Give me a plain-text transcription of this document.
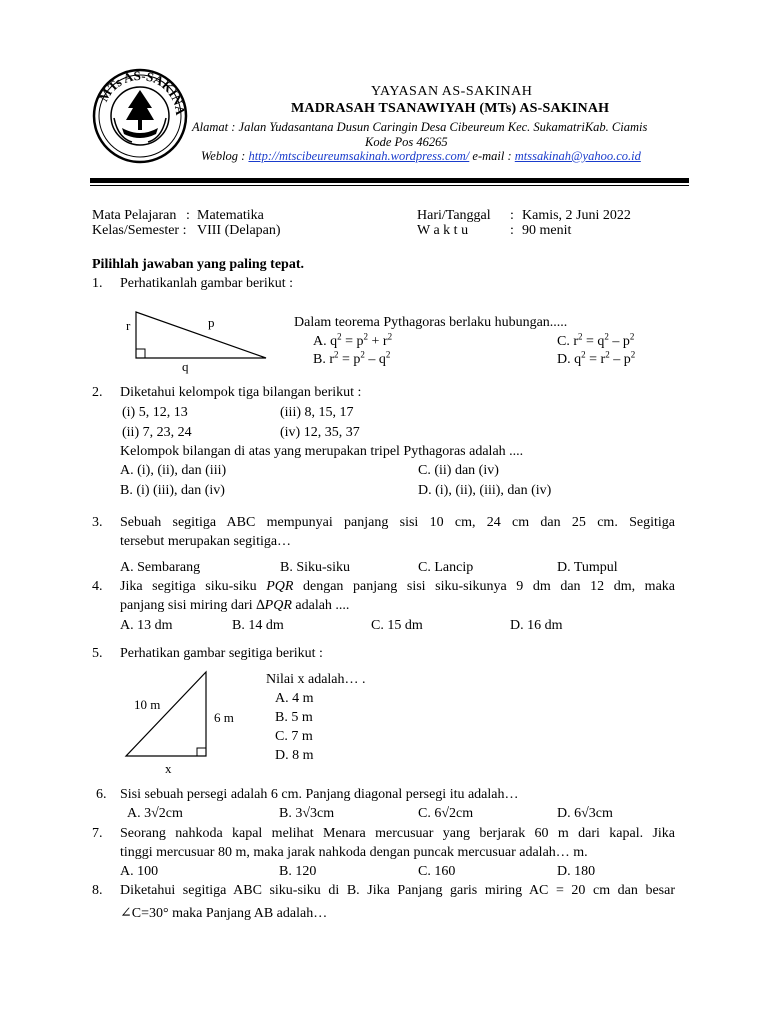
MTs AS-SAKINA
YAYASAN AS-SAKINAH
MADRASAH TSANAWIYAH (MTs) AS-SAKINAH
Alamat : Jalan Yudasantana Dusun Caringin Desa Cibeureum Kec. SukamatriKab. Ciamis
Kode Pos 46265
Weblog : http://mtscibeureumsakinah.wordpress.com/ e-mail : mtssakinah@yahoo.co.id
Mata Pelajaran : Matematika
Kelas/Semester : VIII (Delapan)
Hari/Tanggal : Kamis, 2 Juni 2022
W a k t u	: 90 menit
Pilihlah jawaban yang paling tepat.
1. Perhatikanlah gambar berikut :
r	p
q
Dalam teorema Pythagoras berlaku hubungan.....
A. $q^2 = p^2 + r^2$
B. $r^2 = p^2 - q^2$
C. $r^2 = q^2 - p^2$
D. $q^2 = r^2 - p^2$
2. Diketahui kelompok tiga bilangan berikut :
(i) 5, 12, 13	(iii) 8, 15, 17
(ii) 7, 23, 24	(iv) 12, 35, 37
Kelompok bilangan di atas yang merupakan tripel Pythagoras adalah ....
A. (i), (ii), dan (iii)	C. (ii) dan (iv)
B. (i) (iii), dan (iv)	D. (i), (ii), (iii), dan (iv)
3. Sebuah segitiga ABC mempunyai panjang sisi 10 cm, 24 cm dan 25 cm. Segitiga
tersebut merupakan segitiga…
A. Sembarang	B. Siku-siku	C. Lancip	D. Tumpul
4. Jika segitiga siku-siku PQR dengan panjang sisi siku-sikunya 9 dm dan 12 dm, maka
panjang sisi miring dari ∆PQR adalah ....
A. 13 dm	B. 14 dm	C. 15 dm	D. 16 dm
5. Perhatikan gambar segitiga berikut :
10 m
6 m
x
Nilai x adalah… .
A. 4 m
B. 5 m
C. 7 m
D. 8 m
6. Sisi sebuah persegi adalah 6 cm. Panjang diagonal persegi itu adalah…
A. 3√2cm	B. 3√3cm	C. 6√2cm	D. 6√3cm
7. Seorang nahkoda kapal melihat Menara mercusuar yang berjarak 60 m dari kapal. Jika
tinggi mercusuar 80 m, maka jarak nahkoda dengan puncak mercusuar adalah… m.
A. 100	B. 120	C. 160	D. 180
8. Diketahui segitiga ABC siku-siku di B. Jika Panjang garis miring AC = 20 cm dan besar
∠C=30° maka Panjang AB adalah…
